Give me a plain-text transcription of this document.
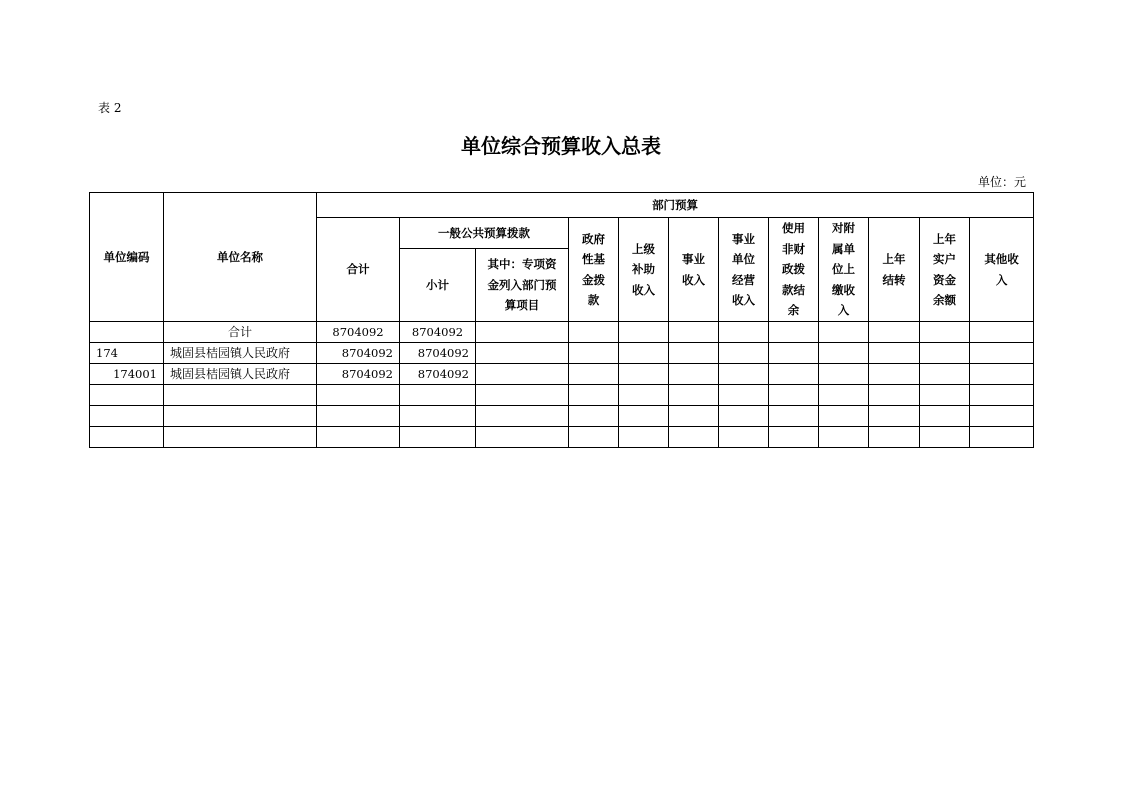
表 2
单位综合预算收入总表
单位：元
单位编码	单位名称	部门预算											
		合计	一般公共预算拨款		政府性基金拨款	上级补助收入	事业收入	事业单位经营收入	使用非财政拨款结余	对附属单位上缴收入	上年结转	上年实户资金余额	其他收入

			小计	其中：专项资金列入部门预算项目									

	合计	8704092	8704092										
174	城固县桔园镇人民政府	8704092	8704092										
174001	城固县桔园镇人民政府	8704092	8704092										
